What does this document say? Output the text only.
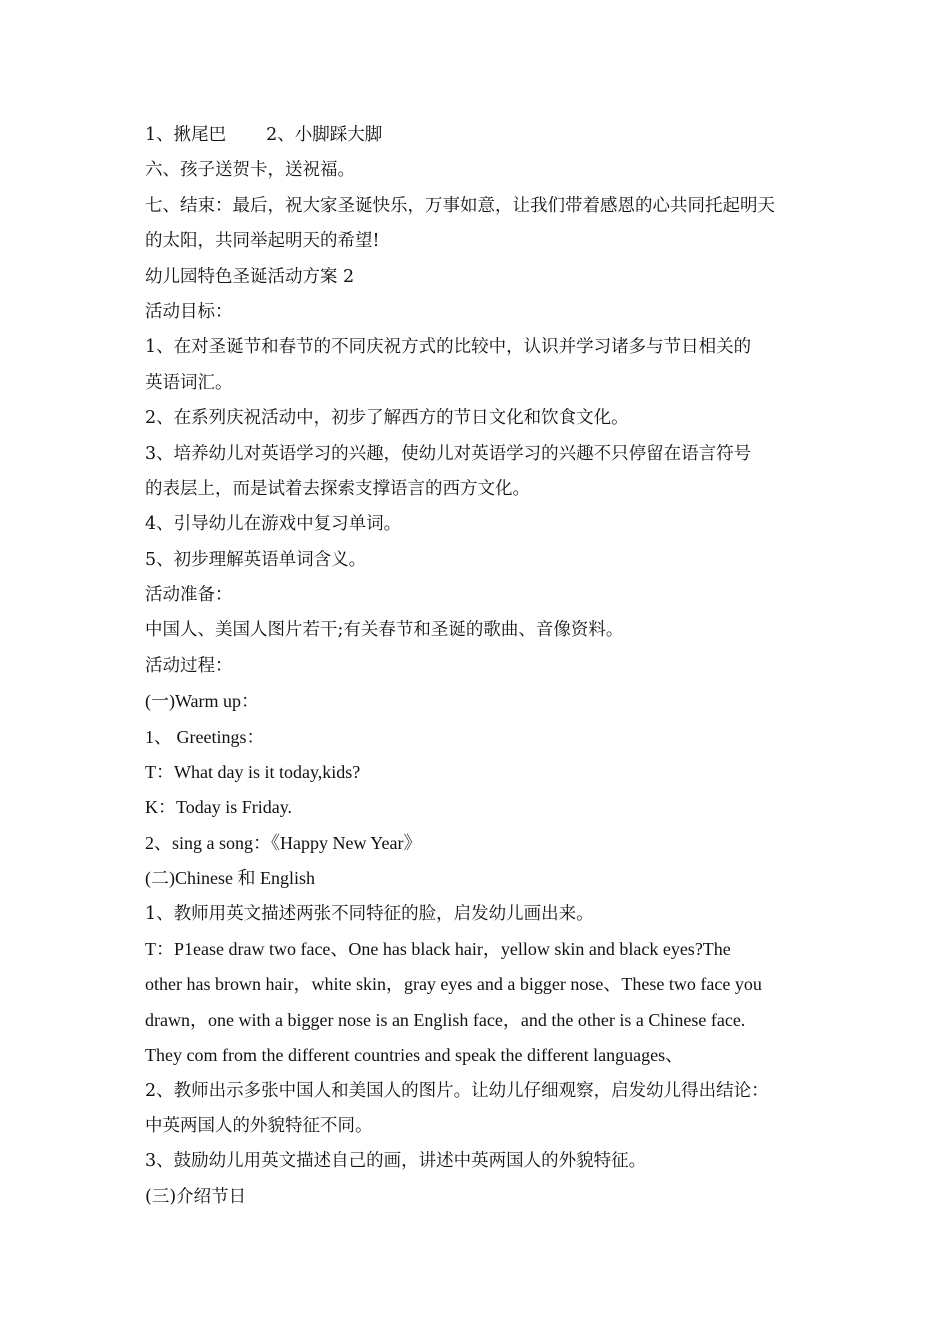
1、揪尾巴 2、小脚踩大脚
六、孩子送贺卡，送祝福。
七、结束：最后，祝大家圣诞快乐，万事如意，让我们带着感恩的心共同托起明天
的太阳，共同举起明天的希望!
幼儿园特色圣诞活动方案 2
活动目标：
1、在对圣诞节和春节的不同庆祝方式的比较中，认识并学习诸多与节日相关的
英语词汇。
2、在系列庆祝活动中，初步了解西方的节日文化和饮食文化。
3、培养幼儿对英语学习的兴趣，使幼儿对英语学习的兴趣不只停留在语言符号
的表层上，而是试着去探索支撑语言的西方文化。
4、引导幼儿在游戏中复习单词。
5、初步理解英语单词含义。
活动准备：
中国人、美国人图片若干;有关春节和圣诞的歌曲、音像资料。
活动过程：
(一)Warm up：
1、 Greetings：
T：What day is it today,kids?
K：Today is Friday.
2、sing a song：《Happy New Year》
(二)Chinese 和 English
1、教师用英文描述两张不同特征的脸，启发幼儿画出来。
T：P1ease draw two face、One has black hair，yellow skin and black eyes?The
other has brown hair，white skin，gray eyes and a bigger nose、These two face you
drawn，one with a bigger nose is an English face，and the other is a Chinese face.
They com from the different countries and speak the different languages、
2、教师出示多张中国人和美国人的图片。让幼儿仔细观察，启发幼儿得出结论：
中英两国人的外貌特征不同。
3、鼓励幼儿用英文描述自己的画，讲述中英两国人的外貌特征。
(三)介绍节日
